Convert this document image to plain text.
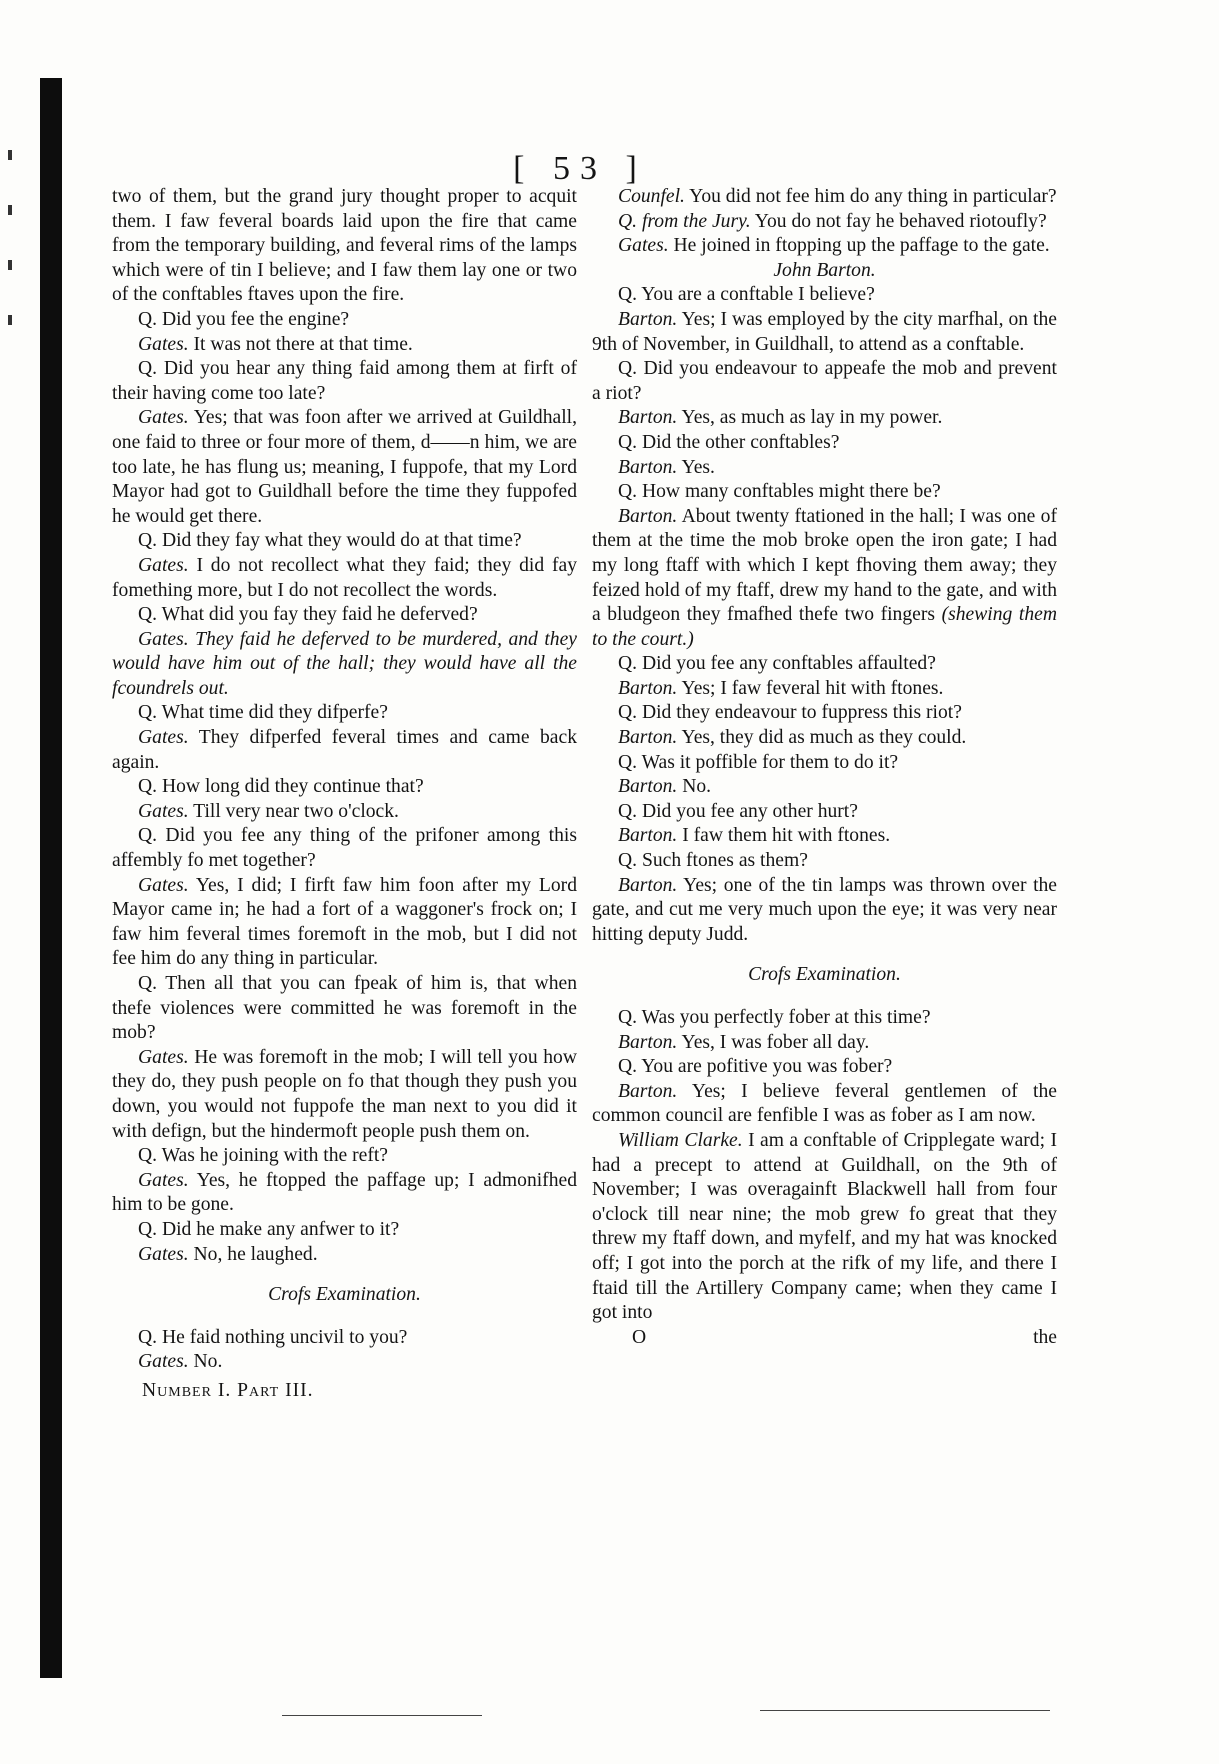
[ 53 ]

two of them, but the grand jury thought proper to acquit them. I faw feveral boards laid upon the fire that came from the temporary building, and feveral rims of the lamps which were of tin I believe; and I faw them lay one or two of the conftables ftaves upon the fire.

Q. Did you fee the engine?

Gates. It was not there at that time.

Q. Did you hear any thing faid among them at firft of their having come too late?

Gates. Yes; that was foon after we arrived at Guildhall, one faid to three or four more of them, d——n him, we are too late, he has flung us; meaning, I fuppofe, that my Lord Mayor had got to Guildhall before the time they fuppofed he would get there.

Q. Did they fay what they would do at that time?

Gates. I do not recollect what they faid; they did fay fomething more, but I do not recollect the words.

Q. What did you fay they faid he deferved?

Gates. They faid he deferved to be murdered, and they would have him out of the hall; they would have all the fcoundrels out.

Q. What time did they difperfe?

Gates. They difperfed feveral times and came back again.

Q. How long did they continue that?

Gates. Till very near two o'clock.

Q. Did you fee any thing of the prifoner among this affembly fo met together?

Gates. Yes, I did; I firft faw him foon after my Lord Mayor came in; he had a fort of a waggoner's frock on; I faw him feveral times foremoft in the mob, but I did not fee him do any thing in particular.

Q. Then all that you can fpeak of him is, that when thefe violences were committed he was foremoft in the mob?

Gates. He was foremoft in the mob; I will tell you how they do, they push people on fo that though they push you down, you would not fuppofe the man next to you did it with defign, but the hindermoft people push them on.

Q. Was he joining with the reft?

Gates. Yes, he ftopped the paffage up; I admonifhed him to be gone.

Q. Did he make any anfwer to it?

Gates. No, he laughed.

Crofs Examination.

Q. He faid nothing uncivil to you?

Gates. No.

Number I. Part III.

Counfel. You did not fee him do any thing in particular?

Q. from the Jury. You do not fay he behaved riotoufly?

Gates. He joined in ftopping up the paffage to the gate.

John Barton.

Q. You are a conftable I believe?

Barton. Yes; I was employed by the city marfhal, on the 9th of November, in Guildhall, to attend as a conftable.

Q. Did you endeavour to appeafe the mob and prevent a riot?

Barton. Yes, as much as lay in my power.

Q. Did the other conftables?

Barton. Yes.

Q. How many conftables might there be?

Barton. About twenty ftationed in the hall; I was one of them at the time the mob broke open the iron gate; I had my long ftaff with which I kept fhoving them away; they feized hold of my ftaff, drew my hand to the gate, and with a bludgeon they fmafhed thefe two fingers (shewing them to the court.)

Q. Did you fee any conftables affaulted?

Barton. Yes; I faw feveral hit with ftones.

Q. Did they endeavour to fuppress this riot?

Barton. Yes, they did as much as they could.

Q. Was it poffible for them to do it?

Barton. No.

Q. Did you fee any other hurt?

Barton. I faw them hit with ftones.

Q. Such ftones as them?

Barton. Yes; one of the tin lamps was thrown over the gate, and cut me very much upon the eye; it was very near hitting deputy Judd.

Crofs Examination.

Q. Was you perfectly fober at this time?

Barton. Yes, I was fober all day.

Q. You are pofitive you was fober?

Barton. Yes; I believe feveral gentlemen of the common council are fenfible I was as fober as I am now.

William Clarke. I am a conftable of Cripplegate ward; I had a precept to attend at Guildhall, on the 9th of November; I was overagainft Blackwell hall from four o'clock till near nine; the mob grew fo great that they threw my ftaff down, and myfelf, and my hat was knocked off; I got into the porch at the rifk of my life, and there I ftaid till the Artillery Company came; when they came I got into

O	the
